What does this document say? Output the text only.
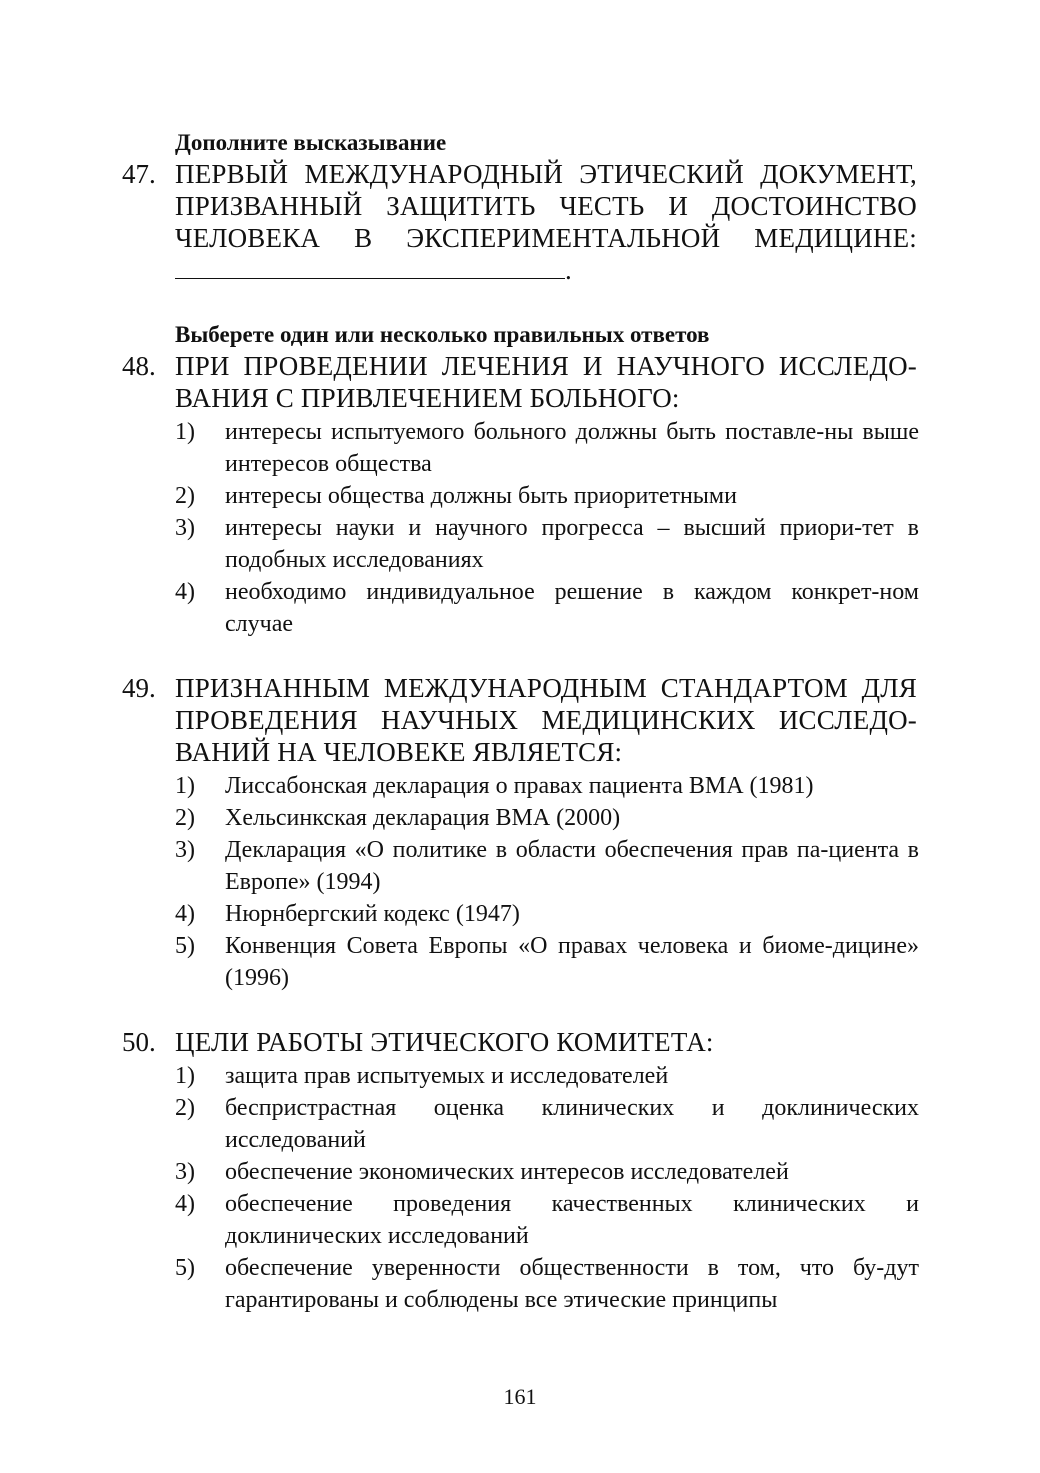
Дополните высказывание
47. ПЕРВЫЙ МЕЖДУНАРОДНЫЙ ЭТИЧЕСКИЙ ДОКУМЕНТ,
ПРИЗВАННЫЙ ЗАЩИТИТЬ ЧЕСТЬ И ДОСТОИНСТВО
ЧЕЛОВЕКА В ЭКСПЕРИМЕНТАЛЬНОЙ МЕДИЦИНЕ:
.
Выберете один или несколько правильных ответов
48. ПРИ ПРОВЕДЕНИИ ЛЕЧЕНИЯ И НАУЧНОГО ИССЛЕДО-
ВАНИЯ С ПРИВЛЕЧЕНИЕМ БОЛЬНОГО:
1) интересы испытуемого больного должны быть поставле-ны выше интересов общества
2) интересы общества должны быть приоритетными
3) интересы науки и научного прогресса – высший приори-тет в подобных исследованиях
4) необходимо индивидуальное решение в каждом конкрет-ном случае
49. ПРИЗНАННЫМ МЕЖДУНАРОДНЫМ СТАНДАРТОМ ДЛЯ
ПРОВЕДЕНИЯ НАУЧНЫХ МЕДИЦИНСКИХ ИССЛЕДО-
ВАНИЙ НА ЧЕЛОВЕКЕ ЯВЛЯЕТСЯ:
1) Лиссабонская декларация о правах пациента ВМА (1981)
2) Хельсинкская декларация ВМА (2000)
3) Декларация «О политике в области обеспечения прав па-циента в Европе» (1994)
4) Нюрнбергский кодекс (1947)
5) Конвенция Совета Европы «О правах человека и биоме-дицине» (1996)
50. ЦЕЛИ РАБОТЫ ЭТИЧЕСКОГО КОМИТЕТА:
1) защита прав испытуемых и исследователей
2) беспристрастная оценка клинических и доклинических исследований
3) обеспечение экономических интересов исследователей
4) обеспечение проведения качественных клинических и доклинических исследований
5) обеспечение уверенности общественности в том, что бу-дут гарантированы и соблюдены все этические принципы
161
